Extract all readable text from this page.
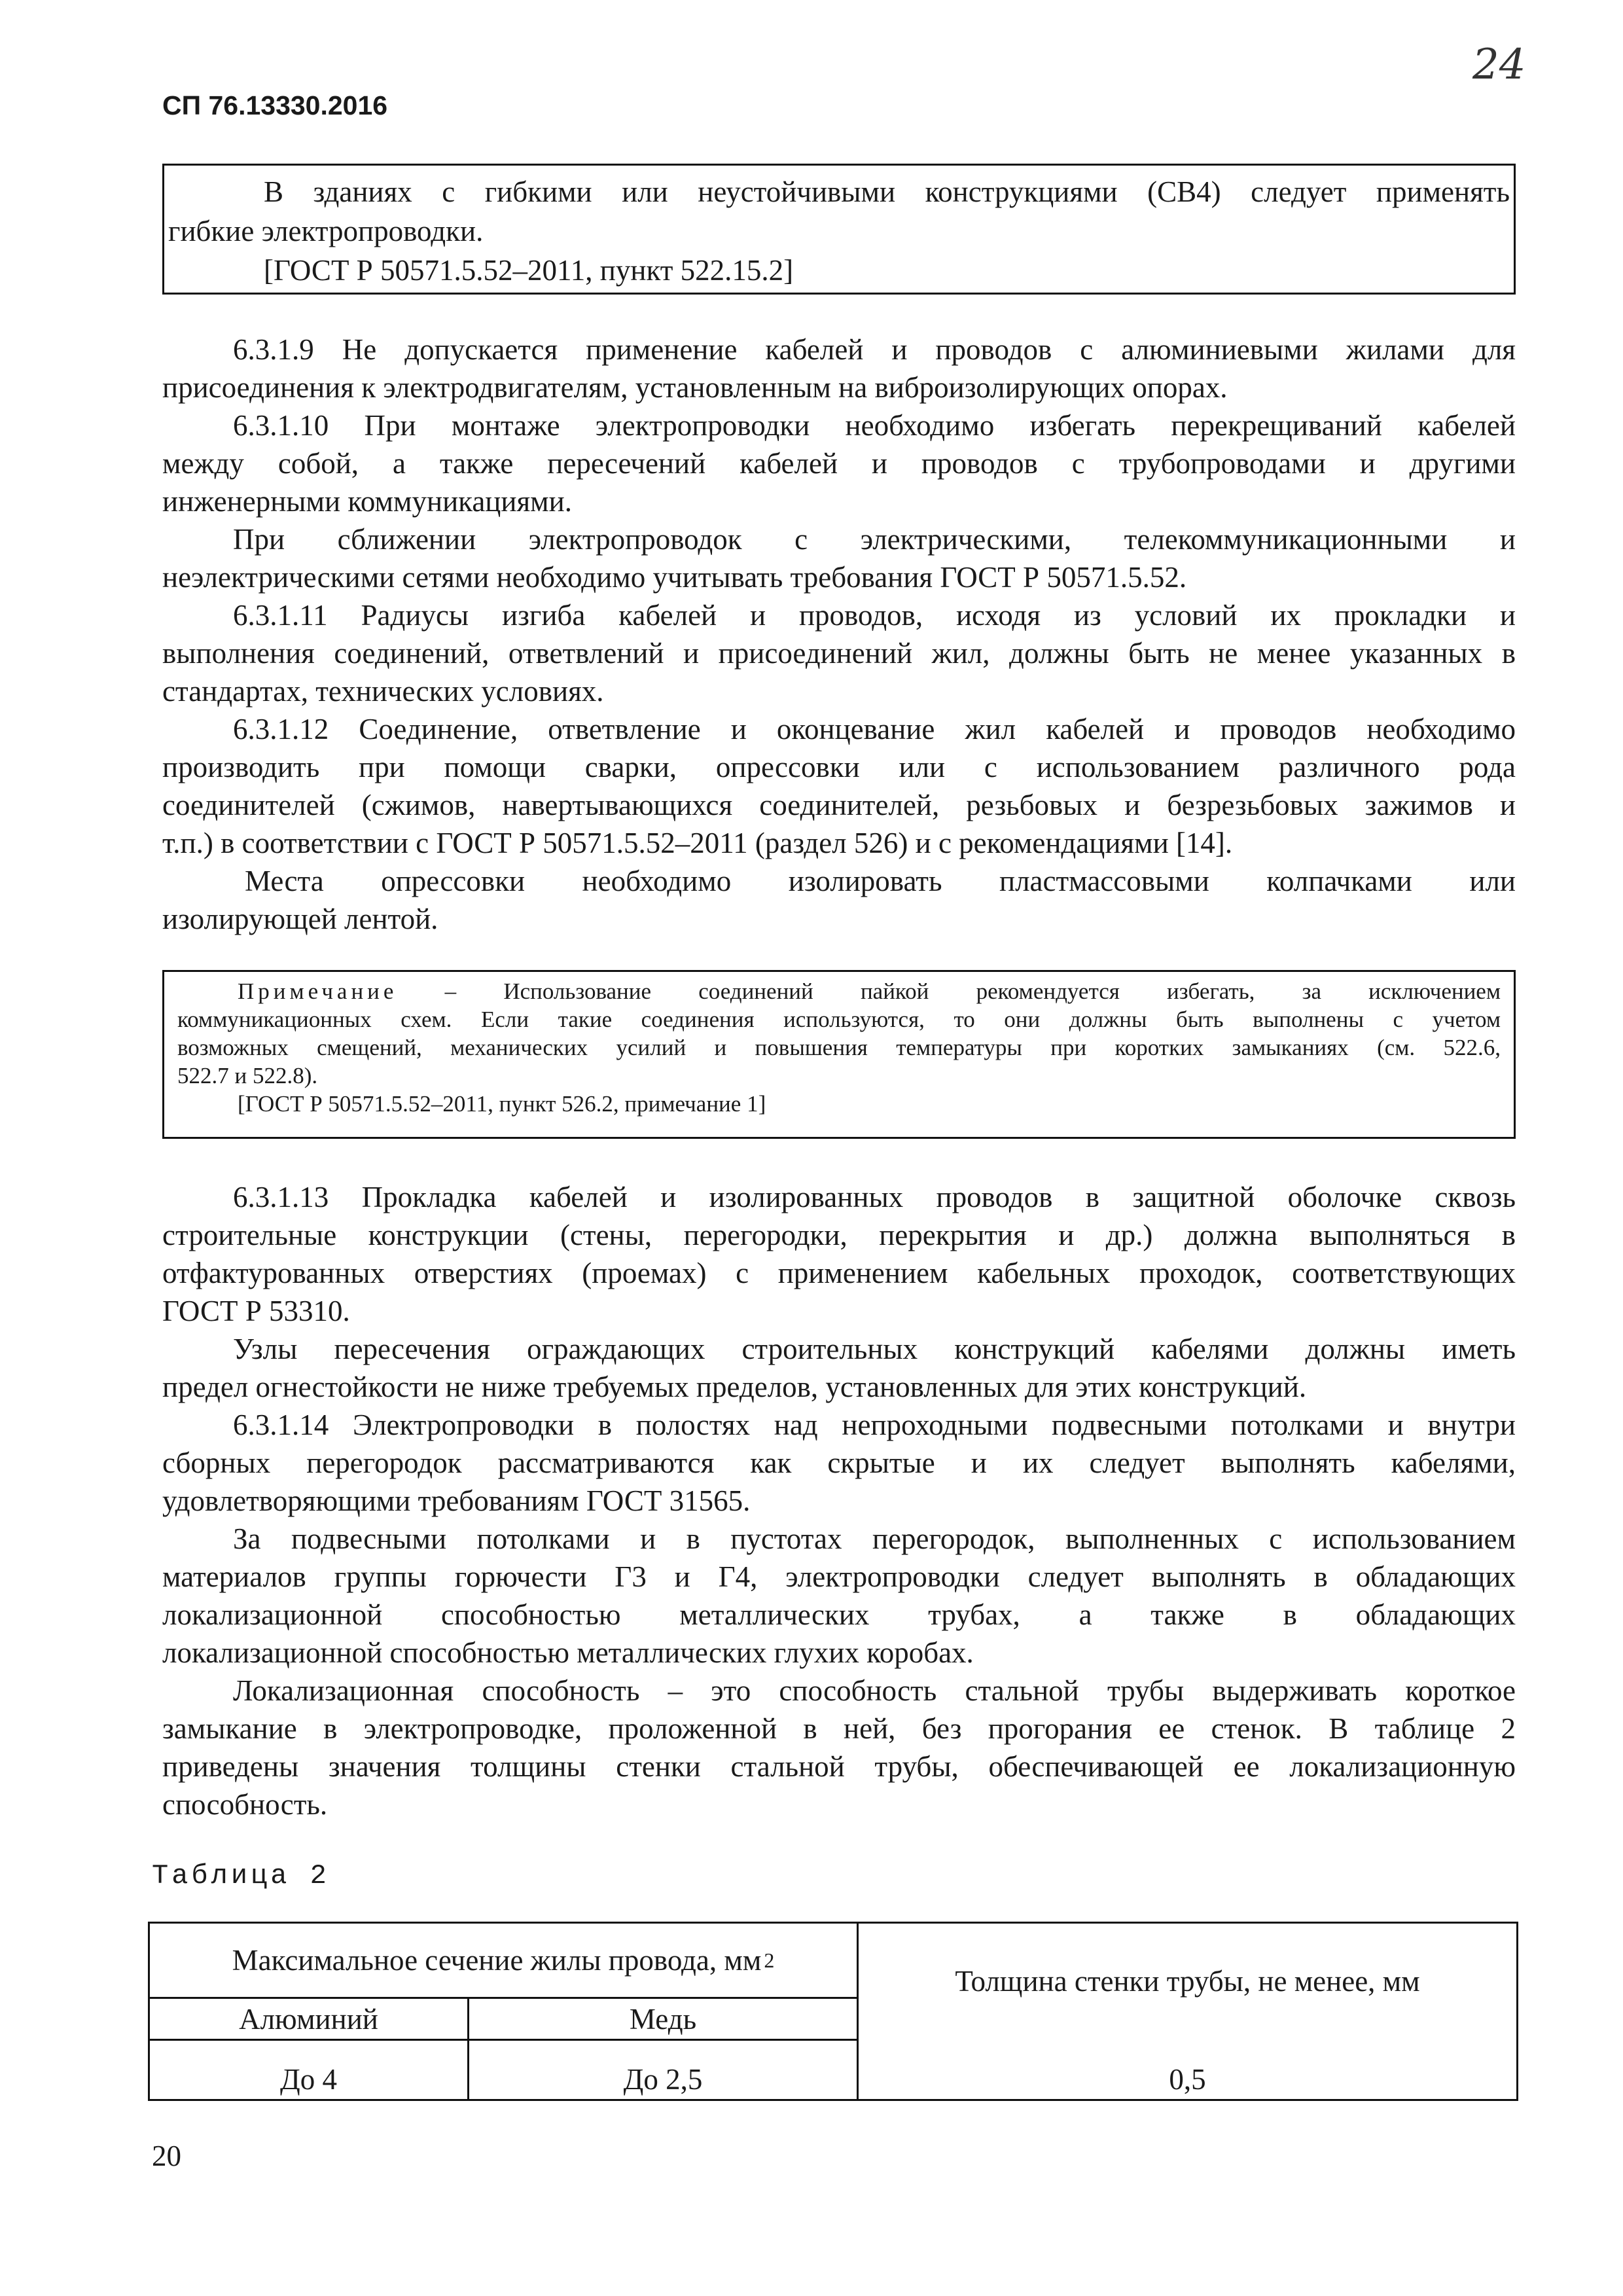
СП 76.13330.2016
24

В зданиях с гибкими или неустойчивыми конструкциями (СВ4) следует применять

гибкие электропроводки.

[ГОСТ Р 50571.5.52–2011, пункт 522.15.2]

6.3.1.9 Не допускается применение кабелей и проводов с алюминиевыми жилами для
присоединения к электродвигателям, установленным на виброизолирующих опорах.

6.3.1.10 При монтаже электропроводки необходимо избегать перекрещиваний кабелей
между собой, а также пересечений кабелей и проводов с трубопроводами и другими
инженерными коммуникациями.

При сближении электропроводок с электрическими, телекоммуникационными и
неэлектрическими сетями необходимо учитывать требования ГОСТ Р 50571.5.52.

6.3.1.11 Радиусы изгиба кабелей и проводов, исходя из условий их прокладки и
выполнения соединений, ответвлений и присоединений жил, должны быть не менее указанных в
стандартах, технических условиях.

6.3.1.12 Соединение, ответвление и оконцевание жил кабелей и проводов необходимо
производить при помощи сварки, опрессовки или с использованием различного рода
соединителей (сжимов, навертывающихся соединителей, резьбовых и безрезьбовых зажимов и
т.п.) в соответствии с ГОСТ Р 50571.5.52–2011 (раздел 526) и с рекомендациями [14].

Места опрессовки необходимо изолировать пластмассовыми колпачками или
изолирующей лентой.

Примечание – Использование соединений пайкой рекомендуется избегать, за исключением
коммуникационных схем. Если такие соединения используются, то они должны быть выполнены с учетом
возможных смещений, механических усилий и повышения температуры при коротких замыканиях (см. 522.6,
522.7 и 522.8).
[ГОСТ Р 50571.5.52–2011, пункт 526.2, примечание 1]

6.3.1.13 Прокладка кабелей и изолированных проводов в защитной оболочке сквозь
строительные конструкции (стены, перегородки, перекрытия и др.) должна выполняться в
отфактурованных отверстиях (проемах) с применением кабельных проходок, соответствующих
ГОСТ Р 53310.

Узлы пересечения ограждающих строительных конструкций кабелями должны иметь
предел огнестойкости не ниже требуемых пределов, установленных для этих конструкций.

6.3.1.14 Электропроводки в полостях над непроходными подвесными потолками и внутри
сборных перегородок рассматриваются как скрытые и их следует выполнять кабелями,
удовлетворяющими требованиям ГОСТ 31565.

За подвесными потолками и в пустотах перегородок, выполненных с использованием
материалов группы горючести Г3 и Г4, электропроводки следует выполнять в обладающих
локализационной способностью металлических трубах, а также в обладающих
локализационной способностью металлических глухих коробах.

Локализационная способность – это способность стальной трубы выдерживать короткое
замыкание в электропроводке, проложенной в ней, без прогорания ее стенок. В таблице 2
приведены значения толщины стенки стальной трубы, обеспечивающей ее локализационную
способность.

Таблица 2
Максимальное сечение жилы провода, мм 2
Толщина стенки трубы, не менее, мм
Алюминий	Медь
До 4	До 2,5	0,5
20
